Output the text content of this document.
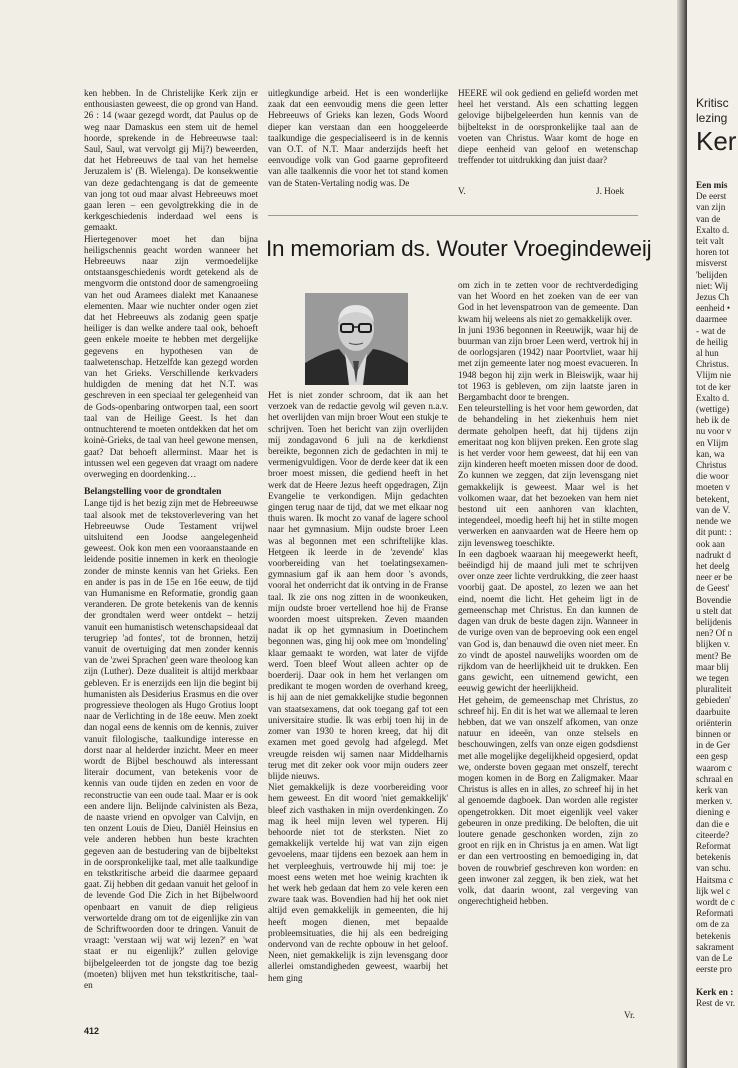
ken hebben. In de Christelijke Kerk zijn er enthousiasten geweest, die op grond van Hand. 26 : 14 (waar gezegd wordt, dat Paulus op de weg naar Damaskus een stem uit de hemel hoorde, sprekende in de Hebreeuwse taal: Saul, Saul, wat vervolgt gij Mij?) beweerden, dat het Hebreeuws de taal van het hemelse Jeruzalem is' (B. Wielenga). De konsekwentie van deze gedachtengang is dat de gemeente van jong tot oud maar alvast Hebreeuws moet gaan leren – een gevolgtrekking die in de kerkgeschiedenis inderdaad wel eens is gemaakt.

Hiertegenover moet het dan bijna heiligschennis geacht worden wanneer het Hebreeuws naar zijn vermoedelijke ontstaansgeschiedenis wordt getekend als de mengvorm die ontstond door de samengroeiing van het oud Aramees dialekt met Kanaanese elementen. Maar wie nuchter onder ogen ziet dat het Hebreeuws als zodanig geen spatje heiliger is dan welke andere taal ook, behoeft geen enkele moeite te hebben met dergelijke gegevens en hypothesen van de taalwetenschap. Hetzelfde kan gezegd worden van het Grieks. Verschillende kerkvaders huldigden de mening dat het N.T. was geschreven in een speciaal ter gelegenheid van de Gods-openbaring ontworpen taal, een soort taal van de Heilige Geest. Is het dan ontnuchterend te moeten ontdekken dat het om koinè-Grieks, de taal van heel gewone mensen, gaat? Dat behoeft allerminst. Maar het is intussen wel een gegeven dat vraagt om nadere overweging en doordenking…

Belangstelling voor de grondtalen

Lange tijd is het bezig zijn met de Hebreeuwse taal alsook met de tekstoverlevering van het Hebreeuwse Oude Testament vrijwel uitsluitend een Joodse aangelegenheid geweest. Ook kon men een vooraanstaande en leidende positie innemen in kerk en theologie zonder de minste kennis van het Grieks. Een en ander is pas in de 15e en 16e eeuw, de tijd van Humanisme en Reformatie, grondig gaan veranderen. De grote betekenis van de kennis der grondtalen werd weer ontdekt – hetzij vanuit een humanistisch wetenschapsideaal dat terugriep 'ad fontes', tot de bronnen, hetzij vanuit de overtuiging dat men zonder kennis van de 'zwei Sprachen' geen ware theoloog kan zijn (Luther). Deze dualiteit is altijd merkbaar gebleven. Er is enerzijds een lijn die begint bij humanisten als Desiderius Erasmus en die over progressieve theologen als Hugo Grotius loopt naar de Verlichting in de 18e eeuw. Men zoekt dan nogal eens de kennis om de kennis, zuiver vanuit filologische, taalkundige interesse en dorst naar al helderder inzicht. Meer en meer wordt de Bijbel beschouwd als interessant literair document, van betekenis voor de kennis van oude tijden en zeden en voor de reconstructie van een oude taal. Maar er is ook een andere lijn. Belijnde calvinisten als Beza, de naaste vriend en opvolger van Calvijn, en ten onzent Louis de Dieu, Daniël Heinsius en vele anderen hebben hun beste krachten gegeven aan de bestudering van de bijbeltekst in de oorspronkelijke taal, met alle taalkundige en tekstkritische arbeid die daarmee gepaard gaat. Zij hebben dit gedaan vanuit het geloof in de levende God Die Zich in het Bijbelwoord openbaart en vanuit de diep religieus verwortelde drang om tot de eigenlijke zin van de Schriftwoorden door te dringen. Vanuit de vraagt: 'verstaan wij wat wij lezen?' en 'wat staat er nu eigenlijk?' zullen gelovige bijbelgeleerden tot de jongste dag toe bezig (moeten) blijven met hun tekstkritische, taal- en

uitlegkundige arbeid. Het is een wonderlijke zaak dat een eenvoudig mens die geen letter Hebreeuws of Grieks kan lezen, Gods Woord dieper kan verstaan dan een hooggeleerde taalkundige die gespecialiseerd is in de kennis van O.T. of N.T. Maar anderzijds heeft het eenvoudige volk van God gaarne geprofiteerd van alle taalkennis die voor het tot stand komen van de Staten-Vertaling nodig was. De

HEERE wil ook gediend en geliefd worden met heel het verstand. Als een schatting leggen gelovige bijbelgeleerden hun kennis van de bijbeltekst in de oorspronkelijke taal aan de voeten van Christus. Waar komt de hoge en diepe eenheid van geloof en wetenschap treffender tot uitdrukking dan juist daar?

V.	J. Hoek
In memoriam ds. Wouter Vroegindeweij

Het is niet zonder schroom, dat ik aan het verzoek van de redactie gevolg wil geven n.a.v. het overlijden van mijn broer Wout een stukje te schrijven. Toen het bericht van zijn overlijden mij zondagavond 6 juli na de kerkdienst bereikte, begonnen zich de gedachten in mij te vermenigvuldigen. Voor de derde keer dat ik een broer moest missen, die gediend heeft in het werk dat de Heere Jezus heeft opgedragen, Zijn Evangelie te verkondigen. Mijn gedachten gingen terug naar de tijd, dat we met elkaar nog thuis waren. Ik mocht zo vanaf de lagere school naar het gymnasium. Mijn oudste broer Leen was al begonnen met een schriftelijke klas. Hetgeen ik leerde in de 'zevende' klas voorbereiding van het toelatingsexamen-gymnasium gaf ik aan hem door 's avonds, vooral het onderricht dat ik ontving in de Franse taal. Ik zie ons nog zitten in de woonkeuken, mijn oudste broer vertellend hoe hij de Franse woorden moest uitspreken. Zeven maanden nadat ik op het gymnasium in Doetinchem begonnen was, ging hij ook mee om 'mondeling' klaar gemaakt te worden, wat later de vijfde werd. Toen bleef Wout alleen achter op de boerderij. Daar ook in hem het verlangen om predikant te mogen worden de overhand kreeg, is hij aan de niet gemakkelijke studie begonnen van staatsexamens, dat ook toegang gaf tot een universitaire studie. Ik was erbij toen hij in de zomer van 1930 te horen kreeg, dat hij dit examen met goed gevolg had afgelegd. Met vreugde reisden wij samen naar Middelharnis terug met dit zeker ook voor mijn ouders zeer blijde nieuws.

Niet gemakkelijk is deze voorbereiding voor hem geweest. En dit woord 'niet gemakkelijk' bleef zich vasthaken in mijn overdenkingen. Zo mag ik heel mijn leven wel typeren. Hij behoorde niet tot de sterksten. Niet zo gemakkelijk vertelde hij wat van zijn eigen gevoelens, maar tijdens een bezoek aan hem in het verpleeghuis, vertrouwde hij mij toe: je moest eens weten met hoe weinig krachten ik het werk heb gedaan dat hem zo vele keren een zware taak was. Bovendien had hij het ook niet altijd even gemakkelijk in gemeenten, die hij heeft mogen dienen, met bepaalde probleemsituaties, die hij als een bedreiging ondervond van de rechte opbouw in het geloof. Neen, niet gemakkelijk is zijn levensgang door allerlei omstandigheden geweest, waarbij het hem ging

om zich in te zetten voor de rechtverdediging van het Woord en het zoeken van de eer van God in het levenspatroon van de gemeente. Dan kwam hij weleens als niet zo gemakkelijk over.

In juni 1936 begonnen in Reeuwijk, waar hij de buurman van zijn broer Leen werd, vertrok hij in de oorlogsjaren (1942) naar Poortvliet, waar hij met zijn gemeente later nog moest evacueren. In 1948 begon hij zijn werk in Bleiswijk, waar hij tot 1963 is gebleven, om zijn laatste jaren in Bergambacht door te brengen.

Een teleurstelling is het voor hem geworden, dat de behandeling in het ziekenhuis hem niet dermate geholpen heeft, dat hij tijdens zijn emeritaat nog kon blijven preken. Een grote slag is het verder voor hem geweest, dat hij een van zijn kinderen heeft moeten missen door de dood. Zo kunnen we zeggen, dat zijn levensgang niet gemakkelijk is geweest. Maar wel is het volkomen waar, dat het bezoeken van hem niet bestond uit een aanhoren van klachten, integendeel, moedig heeft hij het in stilte mogen verwerken en aanvaarden wat de Heere hem op zijn levensweg toeschikte.

In een dagboek waaraan hij meegewerkt heeft, beëindigd hij de maand juli met te schrijven over onze zeer lichte verdrukking, die zeer haast voorbij gaat. De apostel, zo lezen we aan het eind, noemt die licht. Het geheim ligt in de gemeenschap met Christus. En dan kunnen de dagen van druk de beste dagen zijn. Wanneer in de vurige oven van de beproeving ook een engel van God is, dan benauwd die oven niet meer. En zo vindt de apostel nauwelijks woorden om de rijkdom van de heerlijkheid uit te drukken. Een gans gewicht, een uitnemend gewicht, een eeuwig gewicht der heerlijkheid.

Het geheim, de gemeenschap met Christus, zo schreef hij. En dit is het wat we allemaal te leren hebben, dat we van onszelf afkomen, van onze natuur en ideeën, van onze stelsels en beschouwingen, zelfs van onze eigen godsdienst met alle mogelijke degelijkheid opgesierd, opdat we, onderste boven gegaan met onszelf, terecht mogen komen in de Borg en Zaligmaker. Maar Christus is alles en in alles, zo schreef hij in het al genoemde dagboek. Dan worden alle register opengetrokken. Dit moet eigenlijk veel vaker gebeuren in onze prediking. De beloften, die uit loutere genade geschonken worden, zijn zo groot en rijk en in Christus ja en amen. Wat ligt er dan een vertroosting en bemoediging in, dat boven de rouwbrief geschreven kon worden: en geen inwoner zal zeggen, ik ben ziek, wat het volk, dat daarin woont, zal vergeving van ongerechtigheid hebben.

Vr.
412
Kritisc
lezing
Ker
Een mis
De eerst
van zijn
van de
Exalto d.
teit valt
horen tot
misverst
'belijden
niet: Wij
Jezus Ch
eenheid •
daarmee
- wat de
de heilig
al hun
Christus.
Vlijm nie
tot de ker
Exalto d.
(wettige)
heb ik de
nu voor v
en Vlijm
kan, wa
Christus
die woor
moeten v
betekent,
van de V.
nende we
dit punt: :
ook aan
nadrukt d
het deelg
neer er be
de Geest'
Bovendie
u stelt dat
belijdenis
nen? Of n
blijken v.
ment? Be
maar blij
we tegen
pluraliteit
gebieden'
daarbuite
oriënterin
binnen or
in de Ger
een gesp
waarom c
schraal en
kerk van
merken v.
diening e
dan die e
citeerde?
Reformat
betekenis
van schu.
Haitsma c
lijk wel c
wordt de c
Reformati
om de za
betekenis
sakrament
van de Le
eerste pro

Kerk en :
Rest de vr.
